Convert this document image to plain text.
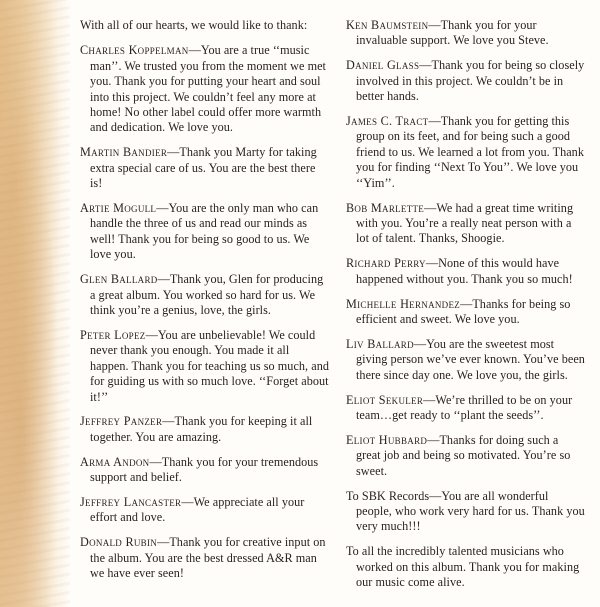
With all of our hearts, we would like to thank:

Charles Koppelman—You are a true ‘‘music man’’. We trusted you from the moment we met you. Thank you for putting your heart and soul into this project. We couldn’t feel any more at home! No other label could offer more warmth and dedication. We love you.

Martin Bandier—Thank you Marty for taking extra special care of us. You are the best there is!

Artie Mogull—You are the only man who can handle the three of us and read our minds as well! Thank you for being so good to us. We love you.

Glen Ballard—Thank you, Glen for producing a great album. You worked so hard for us. We think you’re a genius, love, the girls.

Peter Lopez—You are unbelievable! We could never thank you enough. You made it all happen. Thank you for teaching us so much, and for guiding us with so much love. ‘‘Forget about it!’’

Jeffrey Panzer—Thank you for keeping it all together. You are amazing.

Arma Andon—Thank you for your tremendous support and belief.

Jeffrey Lancaster—We appreciate all your effort and love.

Donald Rubin—Thank you for creative input on the album. You are the best dressed A&R man we have ever seen!

Ken Baumstein—Thank you for your invaluable support. We love you Steve.

Daniel Glass—Thank you for being so closely involved in this project. We couldn’t be in better hands.

James C. Tract—Thank you for getting this group on its feet, and for being such a good friend to us. We learned a lot from you. Thank you for finding ‘‘Next To You’’. We love you ‘‘Yim’’.

Bob Marlette—We had a great time writing with you. You’re a really neat person with a lot of talent. Thanks, Shoogie.

Richard Perry—None of this would have happened without you. Thank you so much!

Michelle Hernandez—Thanks for being so efficient and sweet. We love you.

Liv Ballard—You are the sweetest most giving person we’ve ever known. You’ve been there since day one. We love you, the girls.

Eliot Sekuler—We’re thrilled to be on your team…get ready to ‘‘plant the seeds’’.

Eliot Hubbard—Thanks for doing such a great job and being so motivated. You’re so sweet.

To SBK Records—You are all wonderful people, who work very hard for us. Thank you very much!!!

To all the incredibly talented musicians who worked on this album. Thank you for making our music come alive.
